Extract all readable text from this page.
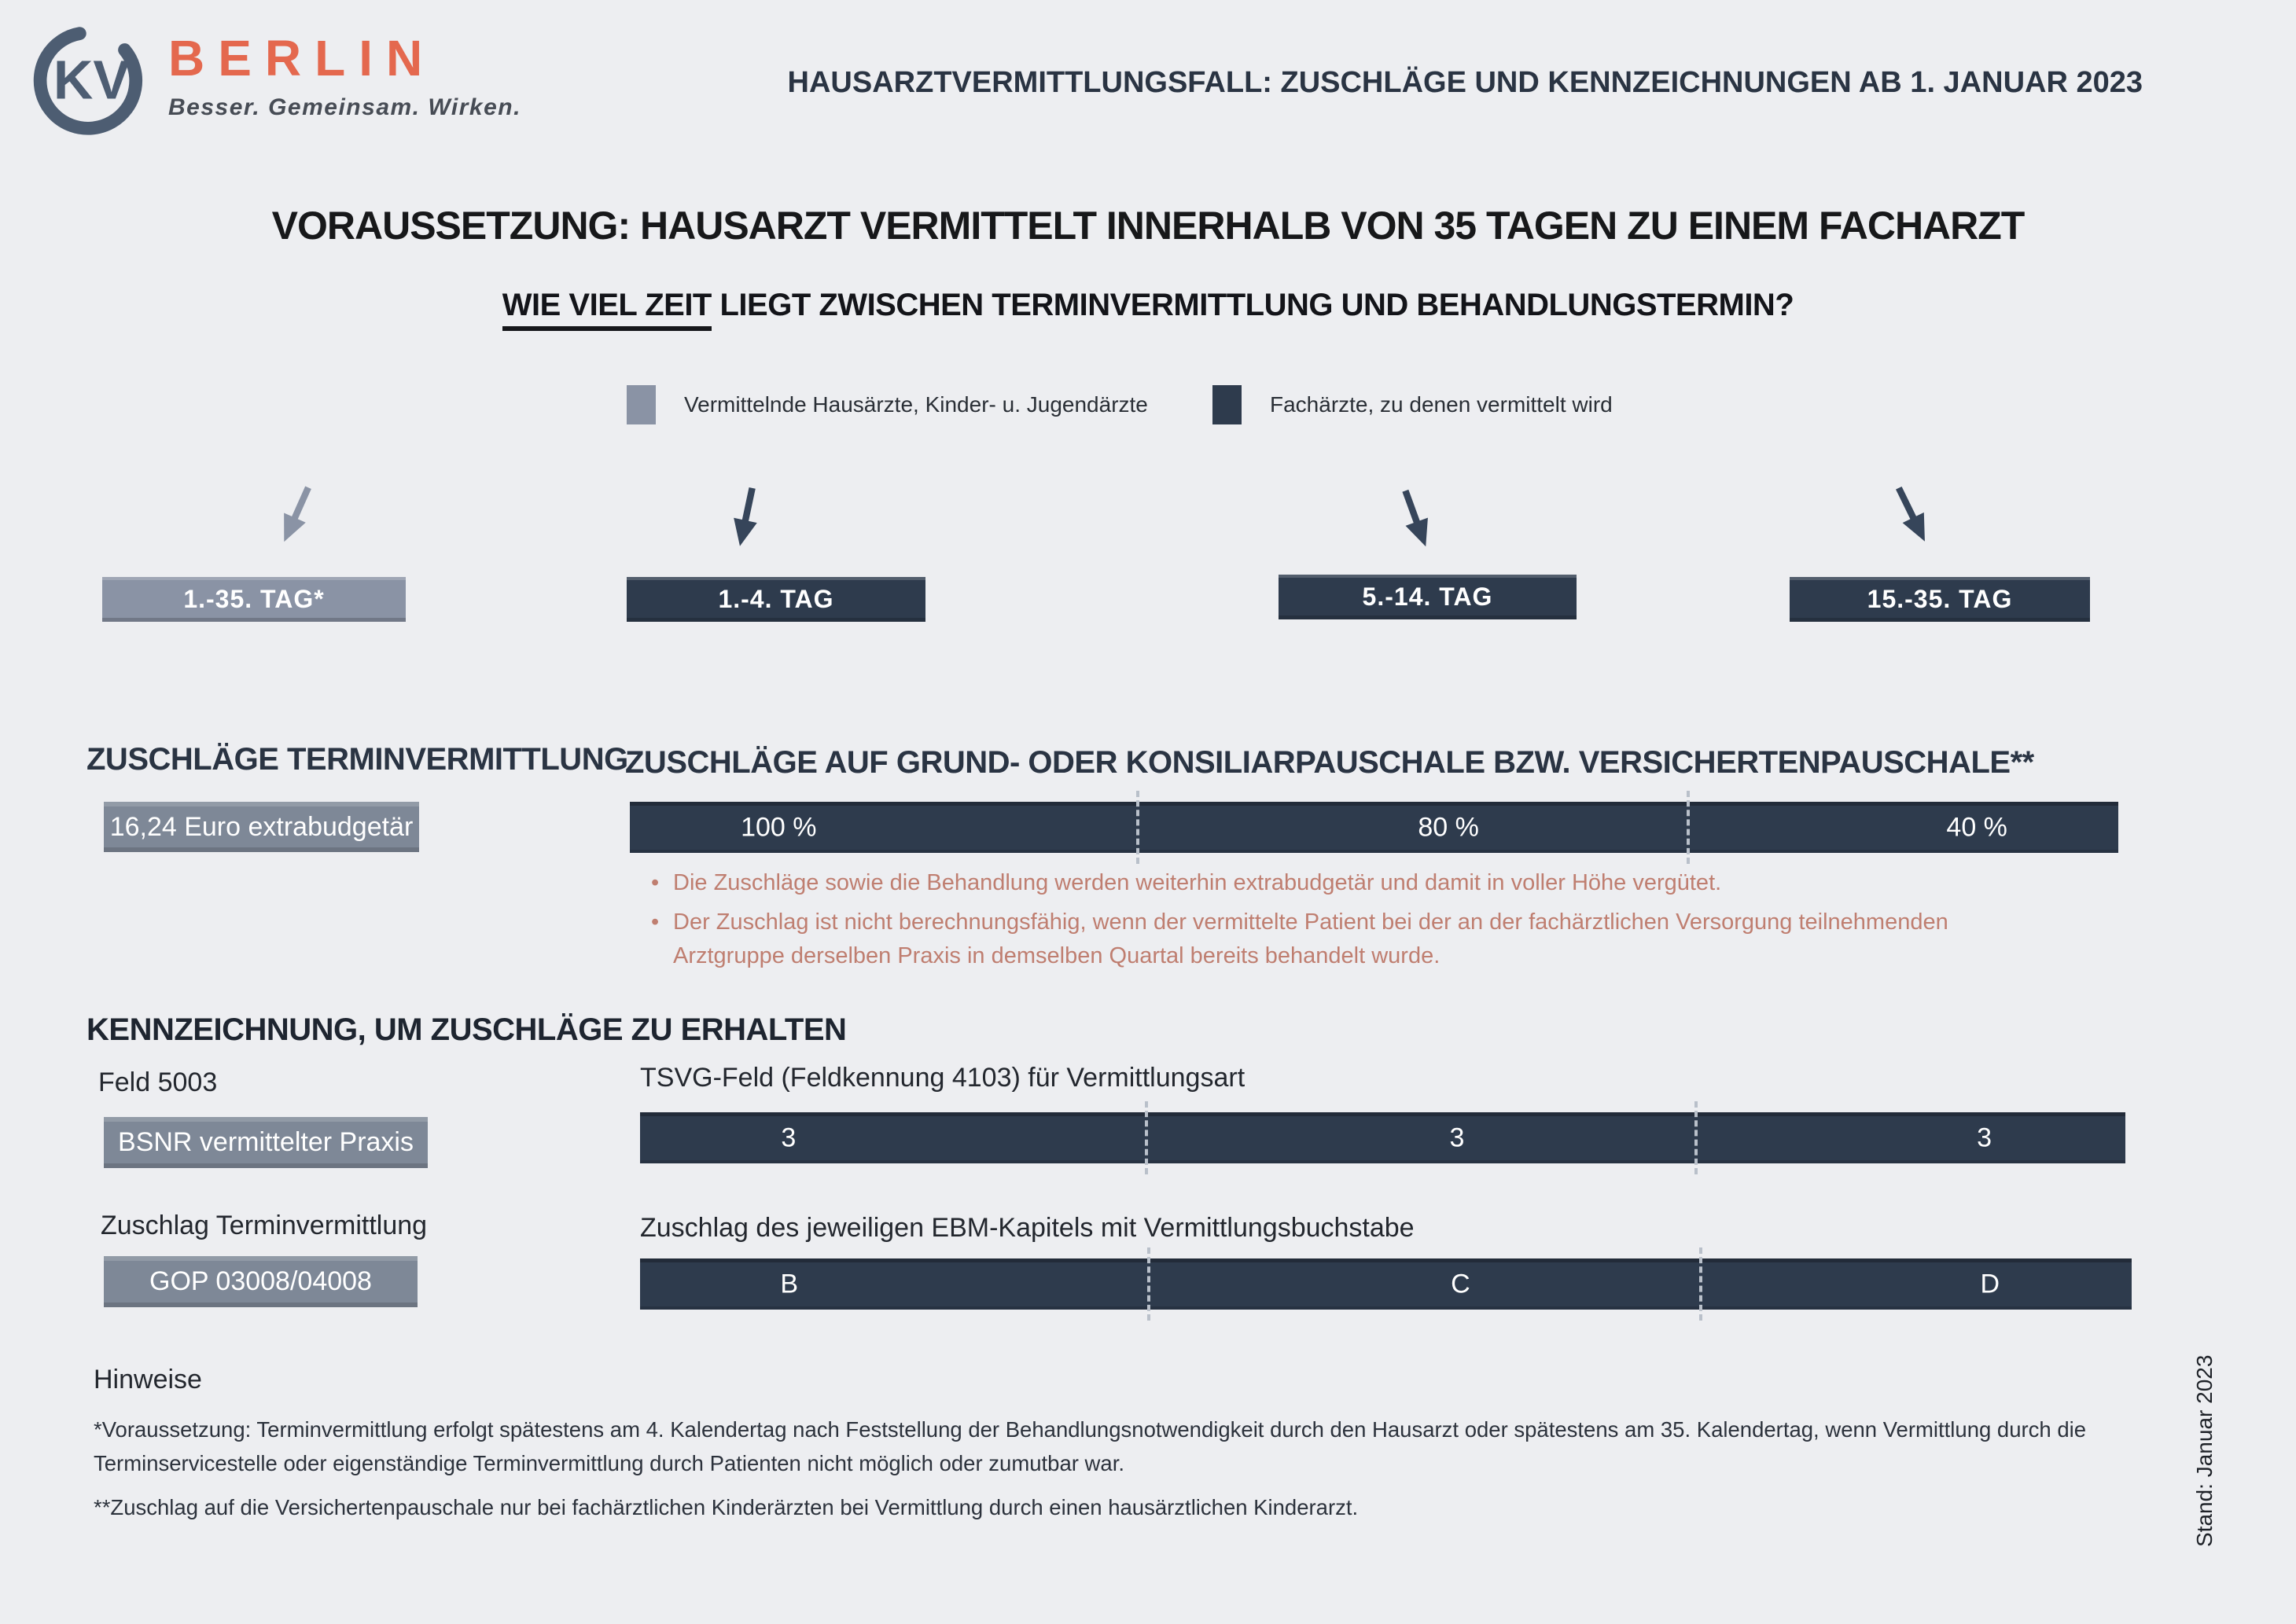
KV BERLIN
Besser. Gemeinsam. Wirken.
HAUSARZTVERMITTLUNGSFALL: ZUSCHLÄGE UND KENNZEICHNUNGEN AB 1. JANUAR 2023
VORAUSSETZUNG: HAUSARZT VERMITTELT INNERHALB VON 35 TAGEN ZU EINEM FACHARZT
WIE VIEL ZEIT LIEGT ZWISCHEN TERMINVERMITTLUNG UND BEHANDLUNGSTERMIN?
Vermittelnde Hausärzte, Kinder- u. Jugendärzte	Fachärzte, zu denen vermittelt wird
1.-35. TAG*	1.-4. TAG	5.-14. TAG	15.-35. TAG
ZUSCHLÄGE TERMINVERMITTLUNG
16,24 Euro extrabudgetär
ZUSCHLÄGE AUF GRUND- ODER KONSILIARPAUSCHALE BZW. VERSICHERTENPAUSCHALE**
100 %	80 %	40 %
• Die Zuschläge sowie die Behandlung werden weiterhin extrabudgetär und damit in voller Höhe vergütet.
• Der Zuschlag ist nicht berechnungsfähig, wenn der vermittelte Patient bei der an der fachärztlichen Versorgung teilnehmenden Arztgruppe derselben Praxis in demselben Quartal bereits behandelt wurde.
KENNZEICHNUNG, UM ZUSCHLÄGE ZU ERHALTEN

Feld 5003

BSNR vermittelter Praxis

TSVG-Feld (Feldkennung 4103) für Vermittlungsart

3	3	3

Zuschlag Terminvermittlung

GOP 03008/04008

Zuschlag des jeweiligen EBM-Kapitels mit Vermittlungsbuchstabe

B	C	D

Hinweise

*Voraussetzung: Terminvermittlung erfolgt spätestens am 4. Kalendertag nach Feststellung der Behandlungsnotwendigkeit durch den Hausarzt oder spätestens am 35. Kalendertag, wenn Vermittlung durch die Terminservicestelle oder eigenständige Terminvermittlung durch Patienten nicht möglich oder zumutbar war.

**Zuschlag auf die Versichertenpauschale nur bei fachärztlichen Kinderärzten bei Vermittlung durch einen hausärztlichen Kinderarzt.	Stand: Januar 2023
